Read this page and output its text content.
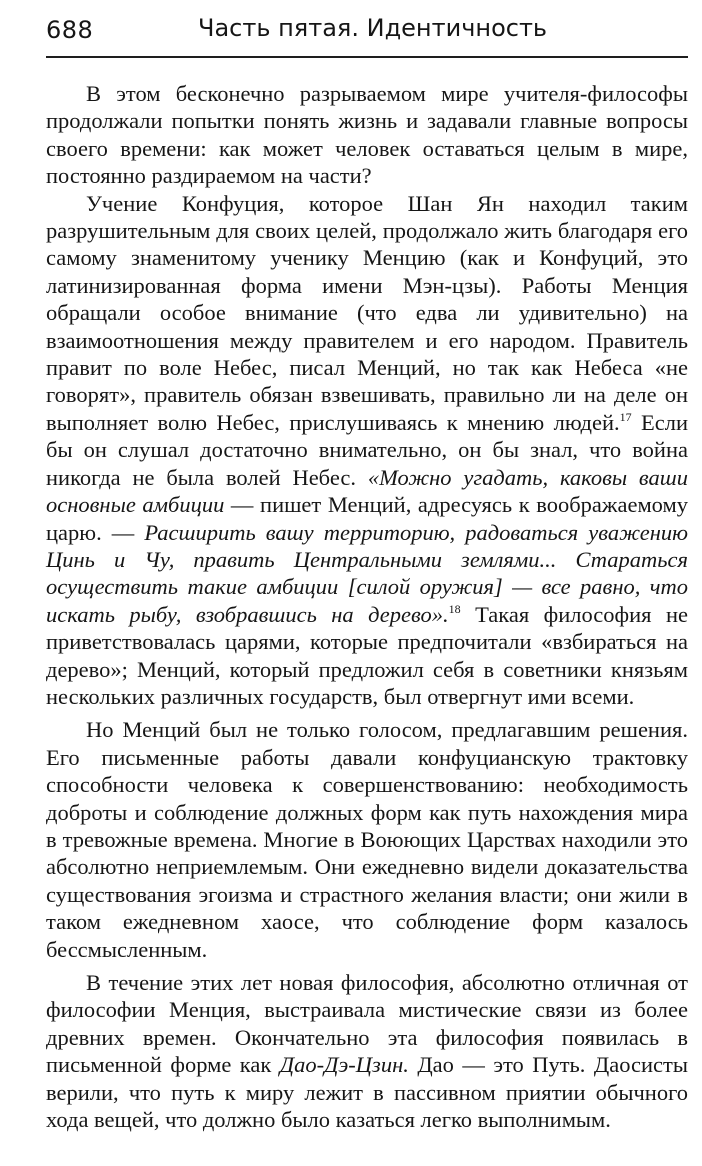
688	Часть пятая. Идентичность

В этом бесконечно разрываемом мире учителя-философы продолжали попытки понять жизнь и задавали главные вопросы своего времени: как может человек оставаться целым в мире, постоянно раздираемом на части?

Учение Конфуция, которое Шан Ян находил таким разрушительным для своих целей, продолжало жить благодаря его самому знаменитому ученику Менцию (как и Конфуций, это латинизированная форма имени Мэн-цзы). Работы Менция обращали особое внимание (что едва ли удивительно) на взаимоотношения между правителем и его народом. Правитель правит по воле Небес, писал Менций, но так как Небеса «не говорят», правитель обязан взвешивать, правильно ли на деле он выполняет волю Небес, прислушиваясь к мнению людей.$^{17}$ Если бы он слушал достаточно внимательно, он бы знал, что война никогда не была волей Небес. «Можно угадать, каковы ваши основные амбиции — пишет Менций, адресуясь к воображаемому царю. — Расширить вашу территорию, радоваться уважению Цинь и Чу, править Центральными землями... Стараться осуществить такие амбиции [силой оружия] — все равно, что искать рыбу, взобравшись на дерево».$^{18}$ Такая философия не приветствовалась царями, которые предпочитали «взбираться на дерево»; Менций, который предложил себя в советники князьям нескольких различных государств, был отвергнут ими всеми.

Но Менций был не только голосом, предлагавшим решения. Его письменные работы давали конфуцианскую трактовку способности человека к совершенствованию: необходимость доброты и соблюдение должных форм как путь нахождения мира в тревожные времена. Многие в Воюющих Царствах находили это абсолютно неприемлемым. Они ежедневно видели доказательства существования эгоизма и страстного желания власти; они жили в таком ежедневном хаосе, что соблюдение форм казалось бессмысленным.

В течение этих лет новая философия, абсолютно отличная от философии Менция, выстраивала мистические связи из более древних времен. Окончательно эта философия появилась в письменной форме как Дао-Дэ-Цзин. Дао — это Путь. Даосисты верили, что путь к миру лежит в пассивном приятии обычного хода вещей, что должно было казаться легко выполнимым.
